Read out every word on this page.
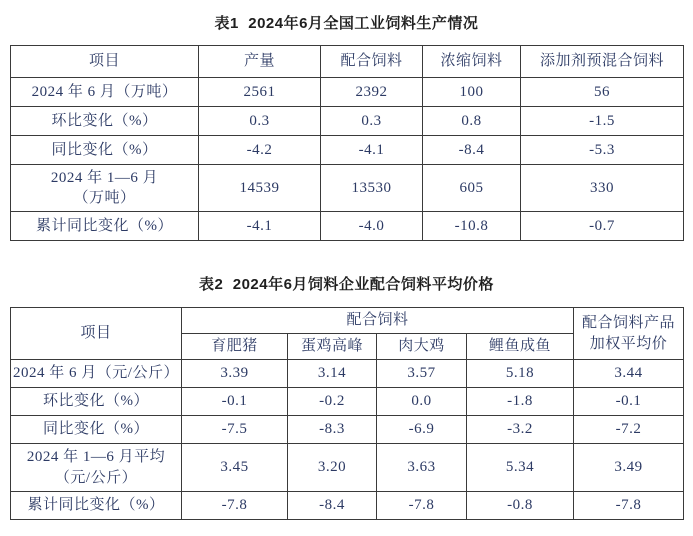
表1  2024年6月全国工业饲料生产情况
项目	产量	配合饲料	浓缩饲料	添加剂预混合饲料
2024 年 6 月（万吨）	2561	2392	100	56
环比变化（%）	0.3	0.3	0.8	-1.5
同比变化（%）	-4.2	-4.1	-8.4	-5.3
2024 年 1—6 月
（万吨）	14539	13530	605	330
累计同比变化（%）	-4.1	-4.0	-10.8	-0.7
表2  2024年6月饲料企业配合饲料平均价格
项目	配合饲料				配合饲料产品
加权平均价
	育肥猪	蛋鸡高峰	肉大鸡	鲤鱼成鱼	
2024 年 6 月（元/公斤）	3.39	3.14	3.57	5.18	3.44
环比变化（%）	-0.1	-0.2	0.0	-1.8	-0.1
同比变化（%）	-7.5	-8.3	-6.9	-3.2	-7.2
2024 年 1—6 月平均
（元/公斤）	3.45	3.20	3.63	5.34	3.49
累计同比变化（%）	-7.8	-8.4	-7.8	-0.8	-7.8
